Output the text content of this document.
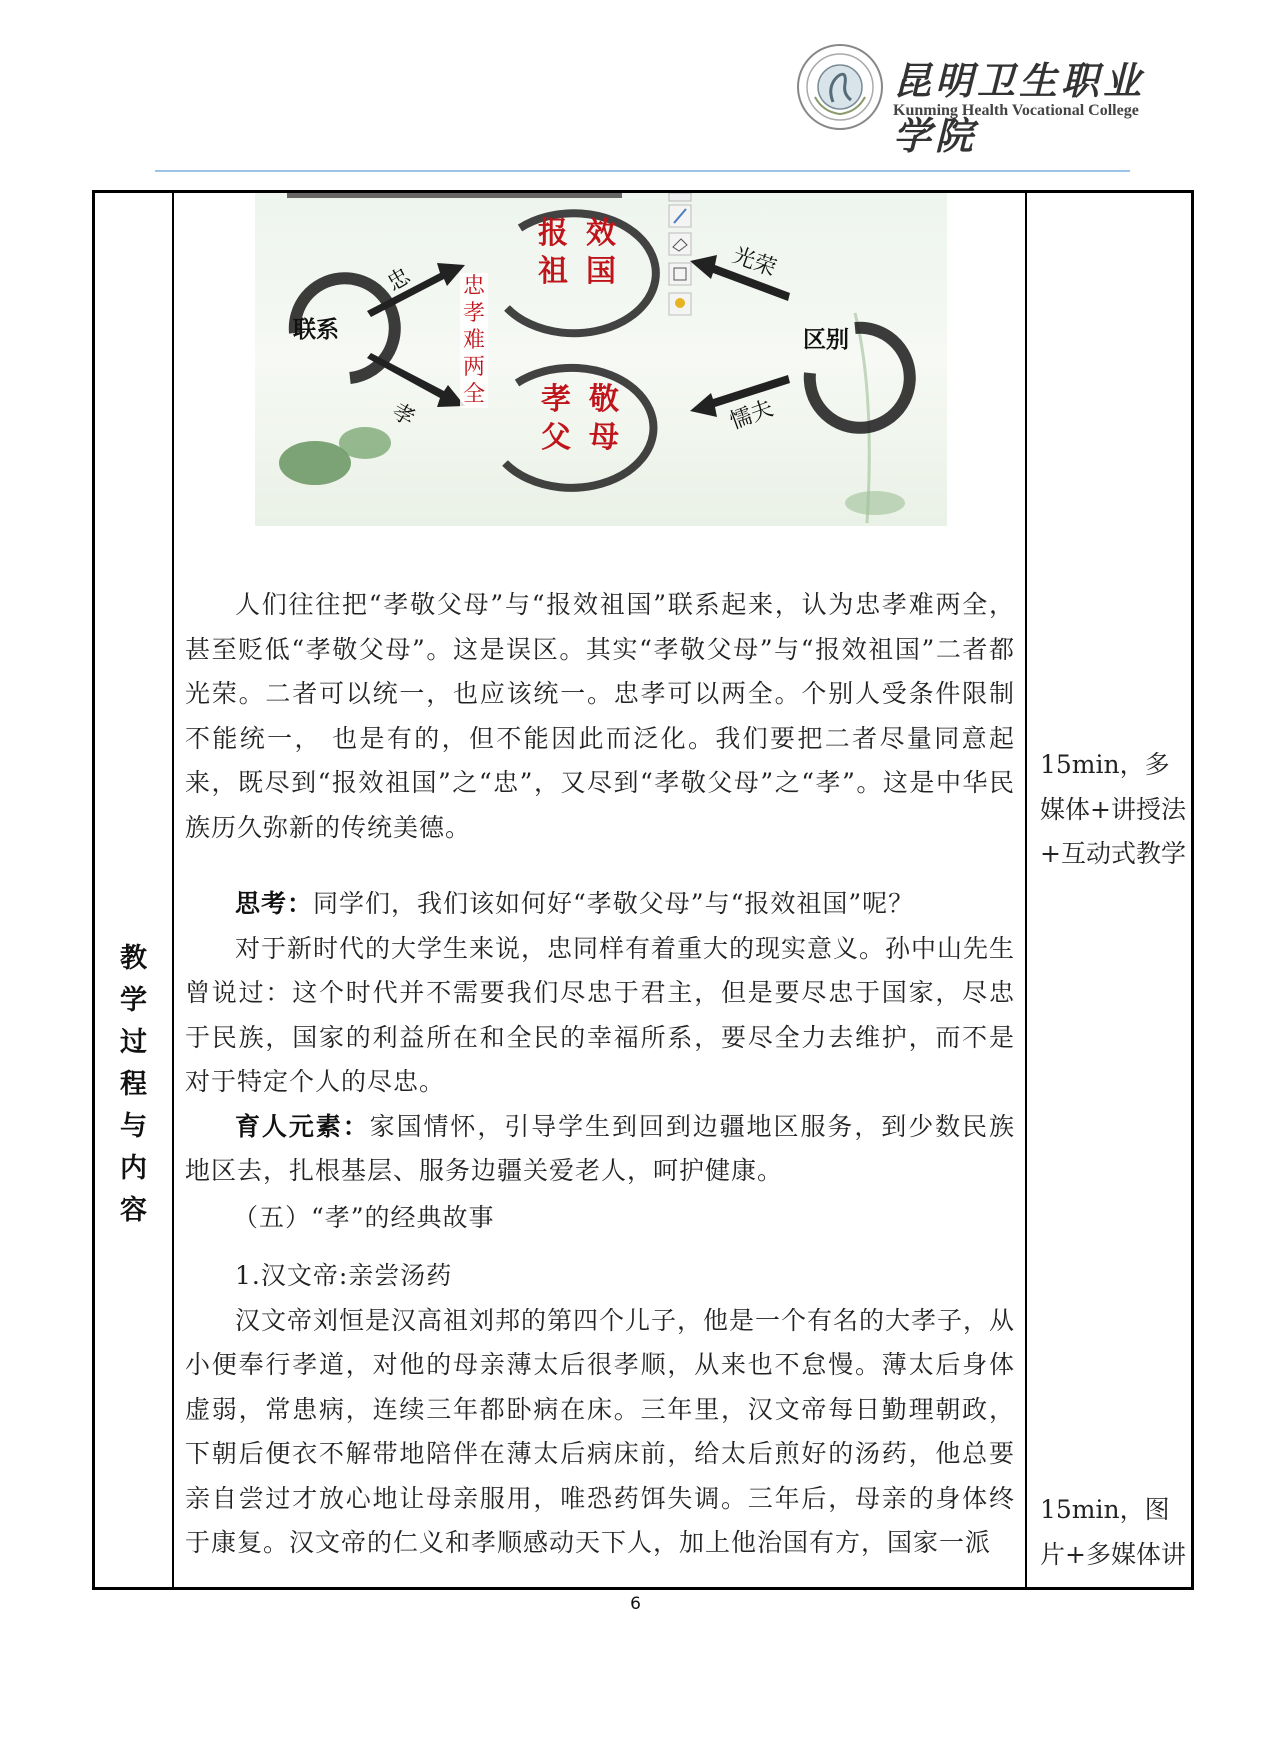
昆明卫生职业学院
Kunming Health Vocational College
教
学
过
程
与
内
容
联系	区别
报效
祖国
孝敬
父母
忠
孝
光荣
懦夫
忠
孝
难
两
全

人们往往把“孝敬父母”与“报效祖国”联系起来，认为忠孝难两全，甚至贬低“孝敬父母”。这是误区。其实“孝敬父母”与“报效祖国”二者都光荣。二者可以统一，也应该统一。忠孝可以两全。个别人受条件限制不能统一， 也是有的，但不能因此而泛化。我们要把二者尽量同意起来，既尽到“报效祖国”之“忠”，又尽到“孝敬父母”之“孝”。这是中华民族历久弥新的传统美德。

思考：同学们，我们该如何好“孝敬父母”与“报效祖国”呢？

对于新时代的大学生来说，忠同样有着重大的现实意义。孙中山先生曾说过：这个时代并不需要我们尽忠于君主，但是要尽忠于国家，尽忠于民族，国家的利益所在和全民的幸福所系，要尽全力去维护，而不是对于特定个人的尽忠。

育人元素：家国情怀，引导学生到回到边疆地区服务，到少数民族地区去，扎根基层、服务边疆关爱老人，呵护健康。

（五）“孝”的经典故事

1.汉文帝:亲尝汤药

汉文帝刘恒是汉高祖刘邦的第四个儿子，他是一个有名的大孝子，从小便奉行孝道，对他的母亲薄太后很孝顺，从来也不怠慢。薄太后身体虚弱，常患病，连续三年都卧病在床。三年里，汉文帝每日勤理朝政，下朝后便衣不解带地陪伴在薄太后病床前，给太后煎好的汤药，他总要亲自尝过才放心地让母亲服用，唯恐药饵失调。三年后，母亲的身体终于康复。汉文帝的仁义和孝顺感动天下人，加上他治国有方，国家一派

15min，多媒体+讲授法+互动式教学
15min，图片+多媒体讲
6
